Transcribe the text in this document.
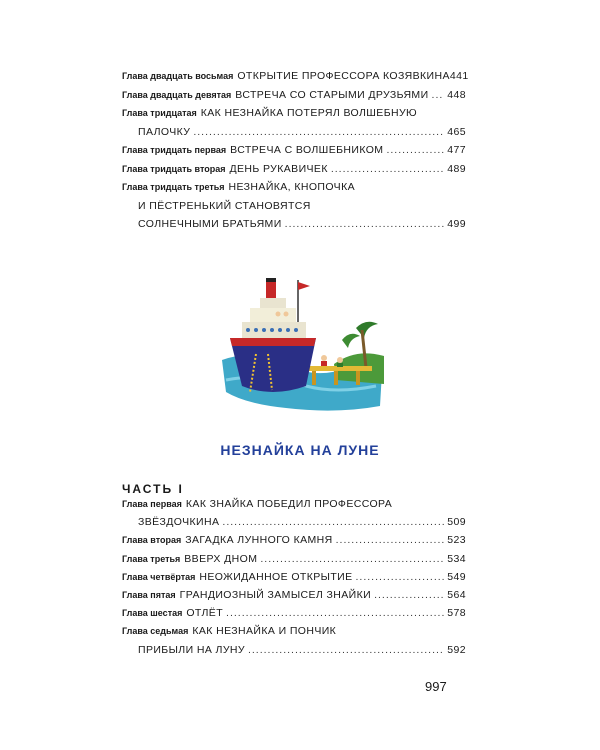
Глава двадцать восьмая ОТКРЫТИЕ ПРОФЕССОРА КОЗЯВКИНА 441
Глава двадцать девятая ВСТРЕЧА СО СТАРЫМИ ДРУЗЬЯМИ ..... 448
Глава тридцатая КАК НЕЗНАЙКА ПОТЕРЯЛ ВОЛШЕБНУЮ
ПАЛОЧКУ .....	465
Глава тридцать первая ВСТРЕЧА С ВОЛШЕБНИКОМ .....	477
Глава тридцать вторая ДЕНЬ РУКАВИЧЕК .....	489
Глава тридцать третья НЕЗНАЙКА, КНОПОЧКА
И ПЁСТРЕНЬКИЙ СТАНОВЯТСЯ
СОЛНЕЧНЫМИ БРАТЬЯМИ .....	499
НЕЗНАЙКА НА ЛУНЕ
ЧАСТЬ I
Глава первая КАК ЗНАЙКА ПОБЕДИЛ ПРОФЕССОРА
ЗВЁЗДОЧКИНА .....	509
Глава вторая ЗАГАДКА ЛУННОГО КАМНЯ .....	523
Глава третья ВВЕРХ ДНОМ .....	534
Глава четвёртая НЕОЖИДАННОЕ ОТКРЫТИЕ .....	549
Глава пятая ГРАНДИОЗНЫЙ ЗАМЫСЕЛ ЗНАЙКИ .....	564
Глава шестая ОТЛЁТ .....	578
Глава седьмая КАК НЕЗНАЙКА И ПОНЧИК
ПРИБЫЛИ НА ЛУНУ .....	592
997
